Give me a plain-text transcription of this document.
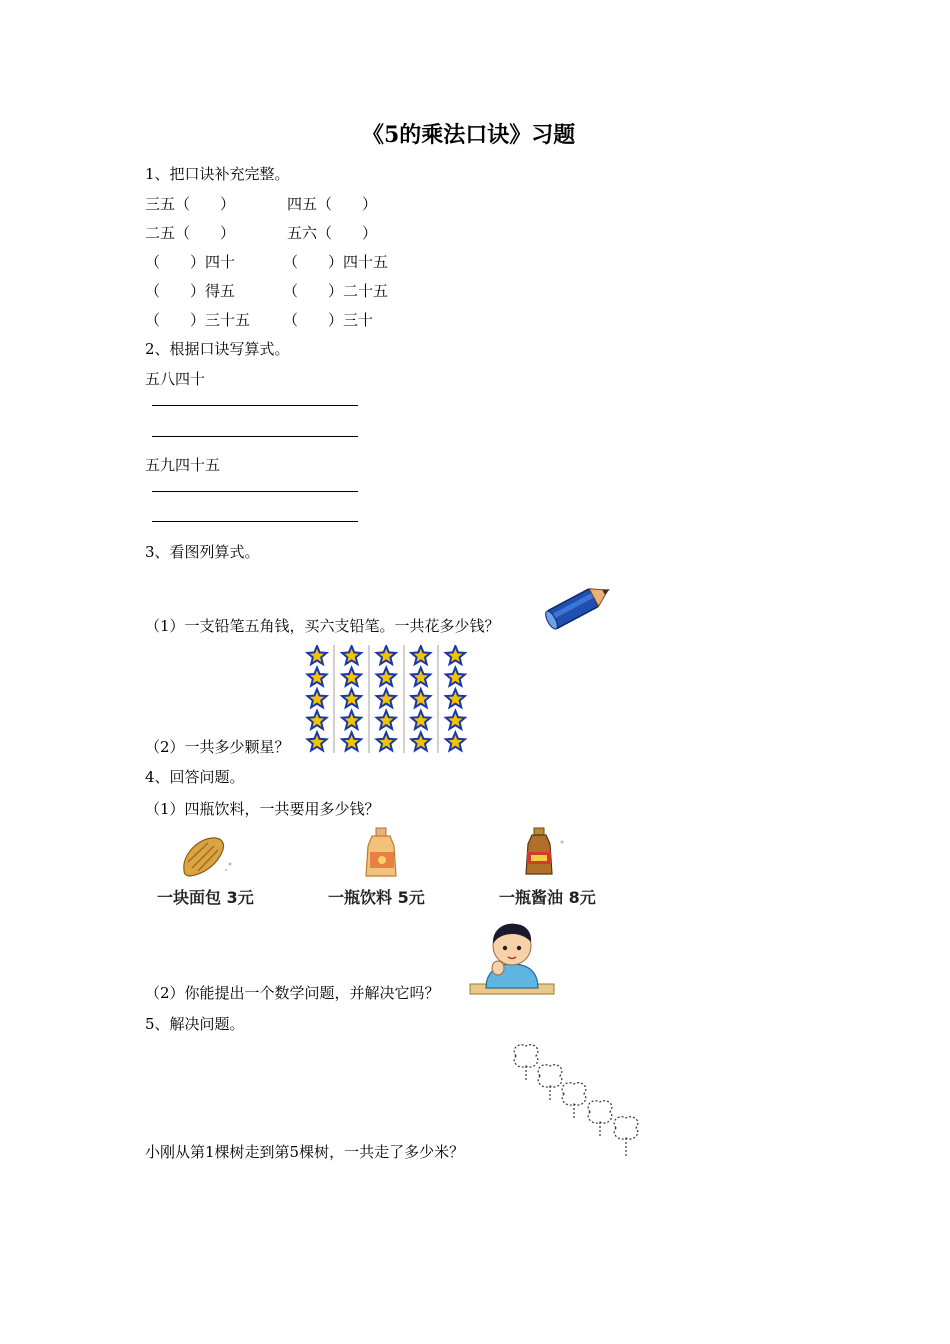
《5的乘法口诀》习题
1、把口诀补充完整。
三五（　　）	四五（　　）
二五（　　）	五六（　　）
（　　）四十	（　　）四十五
（　　）得五	（　　）二十五
（　　）三十五 （　　）三十
2、根据口诀写算式。
五八四十
五九四十五
3、看图列算式。
（1）一支铅笔五角钱，买六支铅笔。一共花多少钱？
（2）一共多少颗星？
4、回答问题。
（1）四瓶饮料，一共要用多少钱？
一块面包 3元	一瓶饮料 5元	一瓶酱油 8元
（2）你能提出一个数学问题，并解决它吗？
5、解决问题。
小刚从第1棵树走到第5棵树，一共走了多少米？
